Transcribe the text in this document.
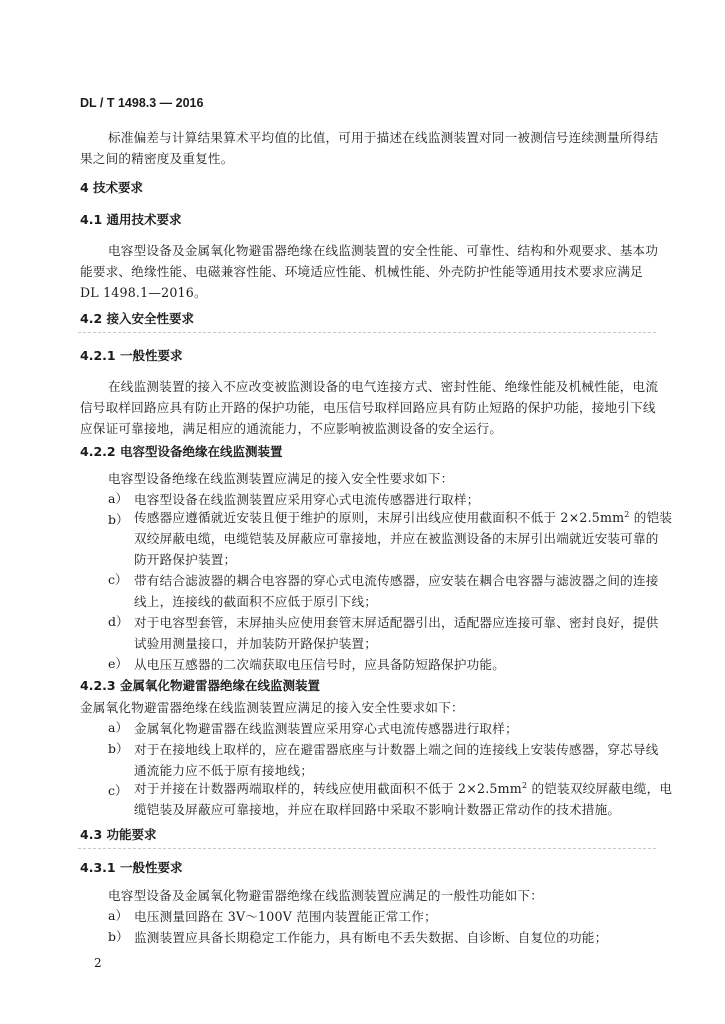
DL / T 1498.3 — 2016
标准偏差与计算结果算术平均值的比值，可用于描述在线监测装置对同一被测信号连续测量所得结
果之间的精密度及重复性。
4 技术要求
4.1 通用技术要求
电容型设备及金属氧化物避雷器绝缘在线监测装置的安全性能、可靠性、结构和外观要求、基本功
能要求、绝缘性能、电磁兼容性能、环境适应性能、机械性能、外壳防护性能等通用技术要求应满足
DL 1498.1—2016。
4.2 接入安全性要求
4.2.1 一般性要求
在线监测装置的接入不应改变被监测设备的电气连接方式、密封性能、绝缘性能及机械性能，电流
信号取样回路应具有防止开路的保护功能，电压信号取样回路应具有防止短路的保护功能，接地引下线
应保证可靠接地，满足相应的通流能力，不应影响被监测设备的安全运行。
4.2.2 电容型设备绝缘在线监测装置
电容型设备绝缘在线监测装置应满足的接入安全性要求如下：
a） 电容型设备在线监测装置应采用穿心式电流传感器进行取样；
b） 传感器应遵循就近安装且便于维护的原则，末屏引出线应使用截面积不低于 $2\times 2.5mm^2$ 的铠装
双绞屏蔽电缆，电缆铠装及屏蔽应可靠接地，并应在被监测设备的末屏引出端就近安装可靠的
防开路保护装置；
c） 带有结合滤波器的耦合电容器的穿心式电流传感器，应安装在耦合电容器与滤波器之间的连接
线上，连接线的截面积不应低于原引下线；
d） 对于电容型套管，末屏抽头应使用套管末屏适配器引出，适配器应连接可靠、密封良好，提供
试验用测量接口，并加装防开路保护装置；
e） 从电压互感器的二次端获取电压信号时，应具备防短路保护功能。
4.2.3 金属氧化物避雷器绝缘在线监测装置
金属氧化物避雷器绝缘在线监测装置应满足的接入安全性要求如下：
a） 金属氧化物避雷器在线监测装置应采用穿心式电流传感器进行取样；
b） 对于在接地线上取样的，应在避雷器底座与计数器上端之间的连接线上安装传感器，穿芯导线
通流能力应不低于原有接地线；
c） 对于并接在计数器两端取样的，转线应使用截面积不低于 $2\times 2.5mm^2$ 的铠装双绞屏蔽电缆，电
缆铠装及屏蔽应可靠接地，并应在取样回路中采取不影响计数器正常动作的技术措施。
4.3 功能要求
4.3.1 一般性要求
电容型设备及金属氧化物避雷器绝缘在线监测装置应满足的一般性功能如下：
a） 电压测量回路在 3V～100V 范围内装置能正常工作；
b） 监测装置应具备长期稳定工作能力，具有断电不丢失数据、自诊断、自复位的功能；
2
